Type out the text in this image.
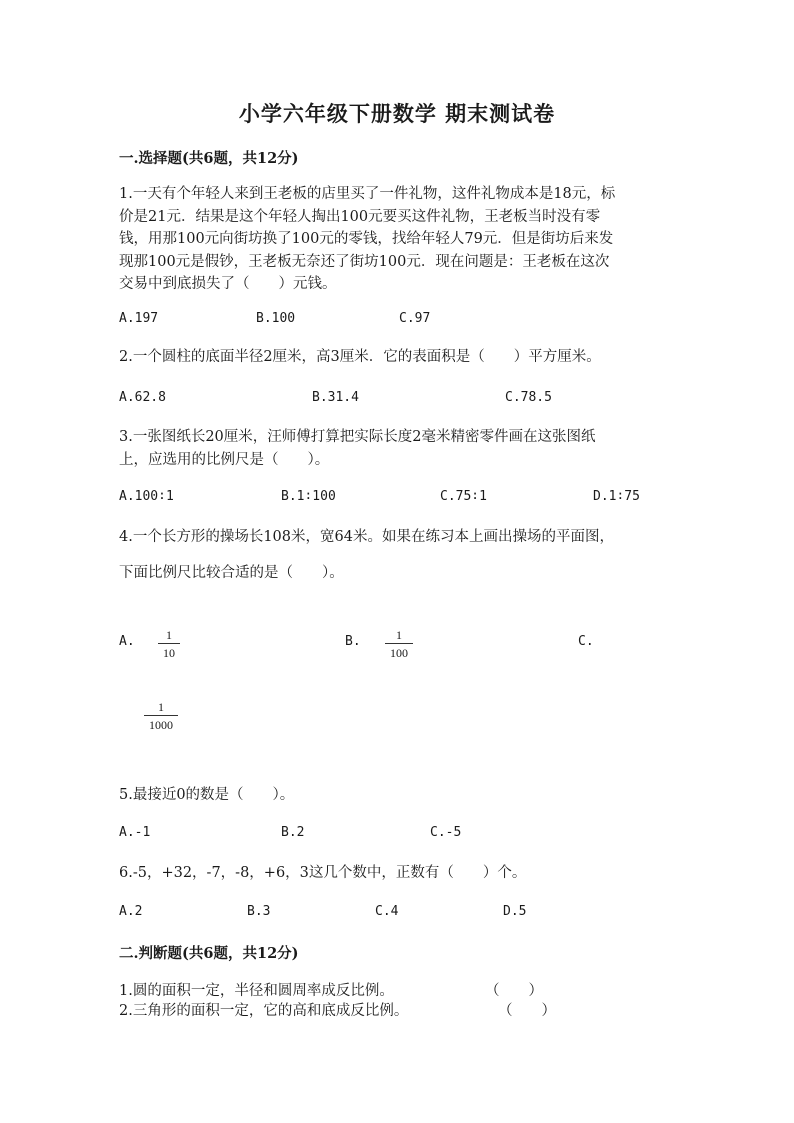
小学六年级下册数学 期末测试卷
一.选择题(共6题，共12分)
1.一天有个年轻人来到王老板的店里买了一件礼物，这件礼物成本是18元，标
价是21元．结果是这个年轻人掏出100元要买这件礼物，王老板当时没有零
钱，用那100元向街坊换了100元的零钱，找给年轻人79元．但是街坊后来发
现那100元是假钞，王老板无奈还了街坊100元．现在问题是：王老板在这次
交易中到底损失了（　　）元钱。
A.197	B.100	C.97
2.一个圆柱的底面半径2厘米，高3厘米．它的表面积是（　　）平方厘米。
A.62.8	B.31.4	C.78.5
3.一张图纸长20厘米，汪师傅打算把实际长度2毫米精密零件画在这张图纸
上，应选用的比例尺是（　　）。
A.100∶1	B.1∶100	C.75∶1	D.1∶75
4.一个长方形的操场长108米，宽64米。如果在练习本上画出操场的平面图，
下面比例尺比较合适的是（　　）。
A.	1
10
B.	1
100
C.
1
1000
5.最接近0的数是（　　）。
A.-1	B.2	C.-5
6.-5，+32，-7，-8，+6，3这几个数中，正数有（　　）个。
A.2	B.3	C.4	D.5
二.判断题(共6题，共12分)
1.圆的面积一定，半径和圆周率成反比例。	（　　）
2.三角形的面积一定，它的高和底成反比例。	（　　）
